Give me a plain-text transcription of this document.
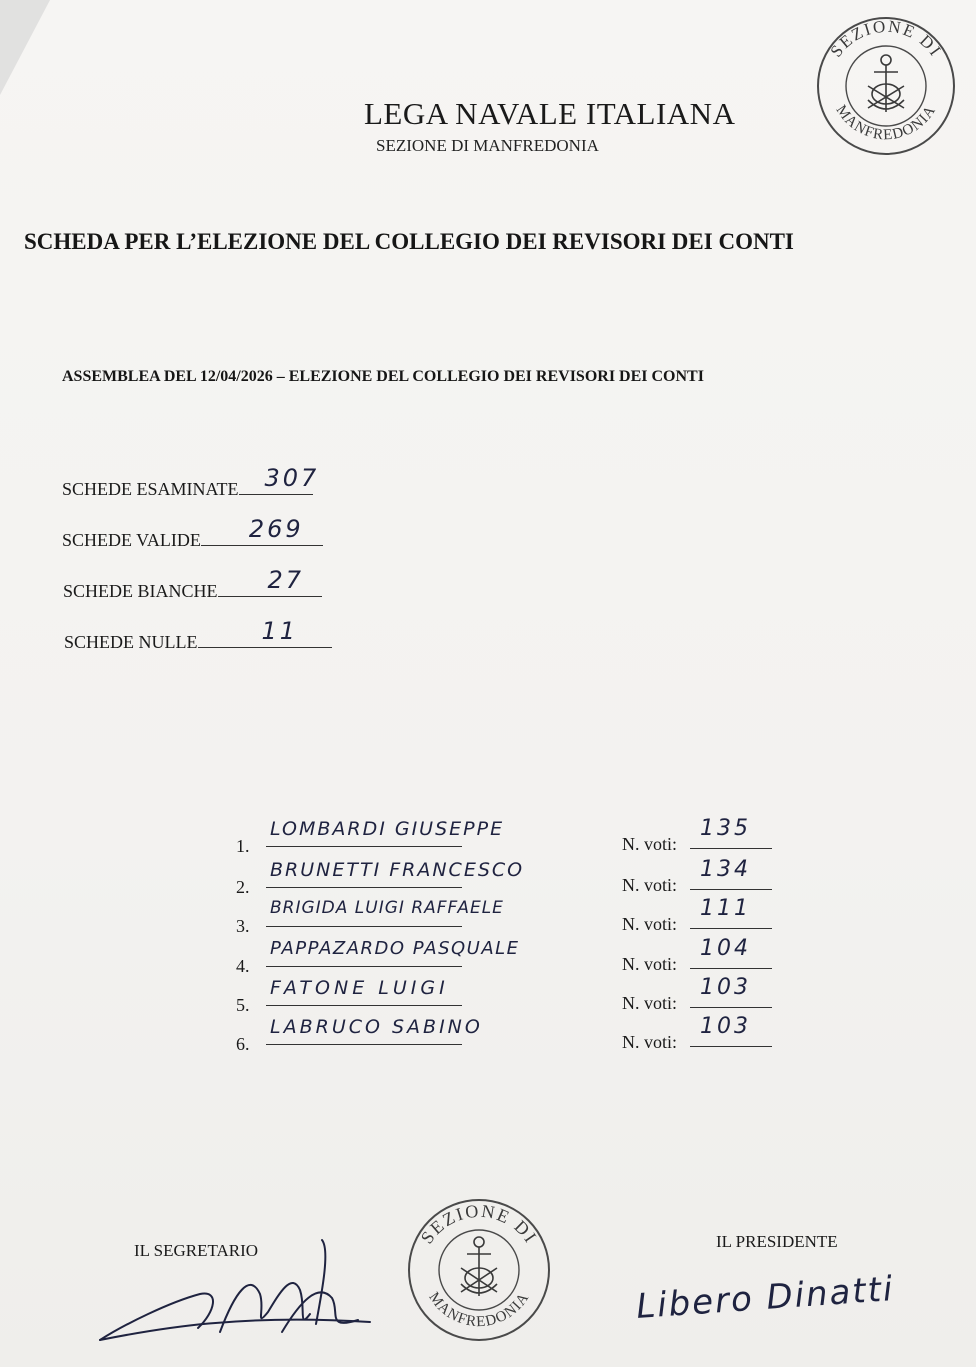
SEZIONE DI
MANFREDONIA
LEGA NAVALE ITALIANA
SEZIONE DI MANFREDONIA
SCHEDA PER L’ELEZIONE DEL COLLEGIO DEI REVISORI DEI CONTI
ASSEMBLEA DEL 12/04/2026 – ELEZIONE DEL COLLEGIO DEI REVISORI DEI CONTI
SCHEDE ESAMINATE 307
SCHEDE VALIDE 269
SCHEDE BIANCHE 27
SCHEDE NULLE	11
1.
LOMBARDI GIUSEPPE
N. voti:
135
2.
BRUNETTI FRANCESCO
N. voti:
134
3.
BRIGIDA LUIGI RAFFAELE
N. voti:
111
4.
PAPPAZARDO PASQUALE
N. voti:
104
5.
FATONE LUIGI
N. voti:
103
6.
LABRUCO SABINO
N. voti:
103
IL SEGRETARIO
SEZIONE DI
MANFREDONIA
IL PRESIDENTE
Libero Dinatti
